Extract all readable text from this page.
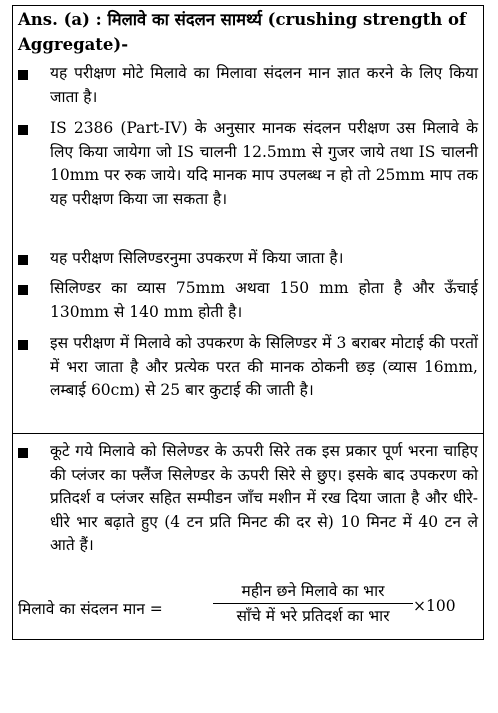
Ans. (a) : मिलावे का संदलन सामर्थ्य (crushing strength of Aggregate)-
यह परीक्षण मोटे मिलावे का मिलावा संदलन मान ज्ञात करने के लिए किया जाता है।
IS 2386 (Part-IV) के अनुसार मानक संदलन परीक्षण उस मिलावे के लिए किया जायेगा जो IS चालनी 12.5mm से गुजर जाये तथा IS चालनी 10mm पर रुक जाये। यदि मानक माप उपलब्ध न हो तो 25mm माप तक यह परीक्षण किया जा सकता है।
यह परीक्षण सिलिण्डरनुमा उपकरण में किया जाता है।
सिलिण्डर का व्यास 75mm अथवा 150 mm होता है और ऊँचाई 130mm से 140 mm होती है।
इस परीक्षण में मिलावे को उपकरण के सिलिण्डर में 3 बराबर मोटाई की परतों में भरा जाता है और प्रत्येक परत की मानक ठोकनी छड़ (व्यास 16mm, लम्बाई 60cm) से 25 बार कुटाई की जाती है।
कूटे गये मिलावे को सिलेण्डर के ऊपरी सिरे तक इस प्रकार पूर्ण भरना चाहिए की प्लंजर का फ्लैंज सिलेण्डर के ऊपरी सिरे से छुए। इसके बाद उपकरण को प्रतिदर्श व प्लंजर सहित सम्पीडन जाँच मशीन में रख दिया जाता है और धीरे-धीरे भार बढ़ाते हुए (4 टन प्रति मिनट की दर से) 10 मिनट में 40 टन ले आते हैं।
मिलावे का संदलन मान =
महीन छने मिलावे का भार
साँचे में भरे प्रतिदर्श का भार
×100
